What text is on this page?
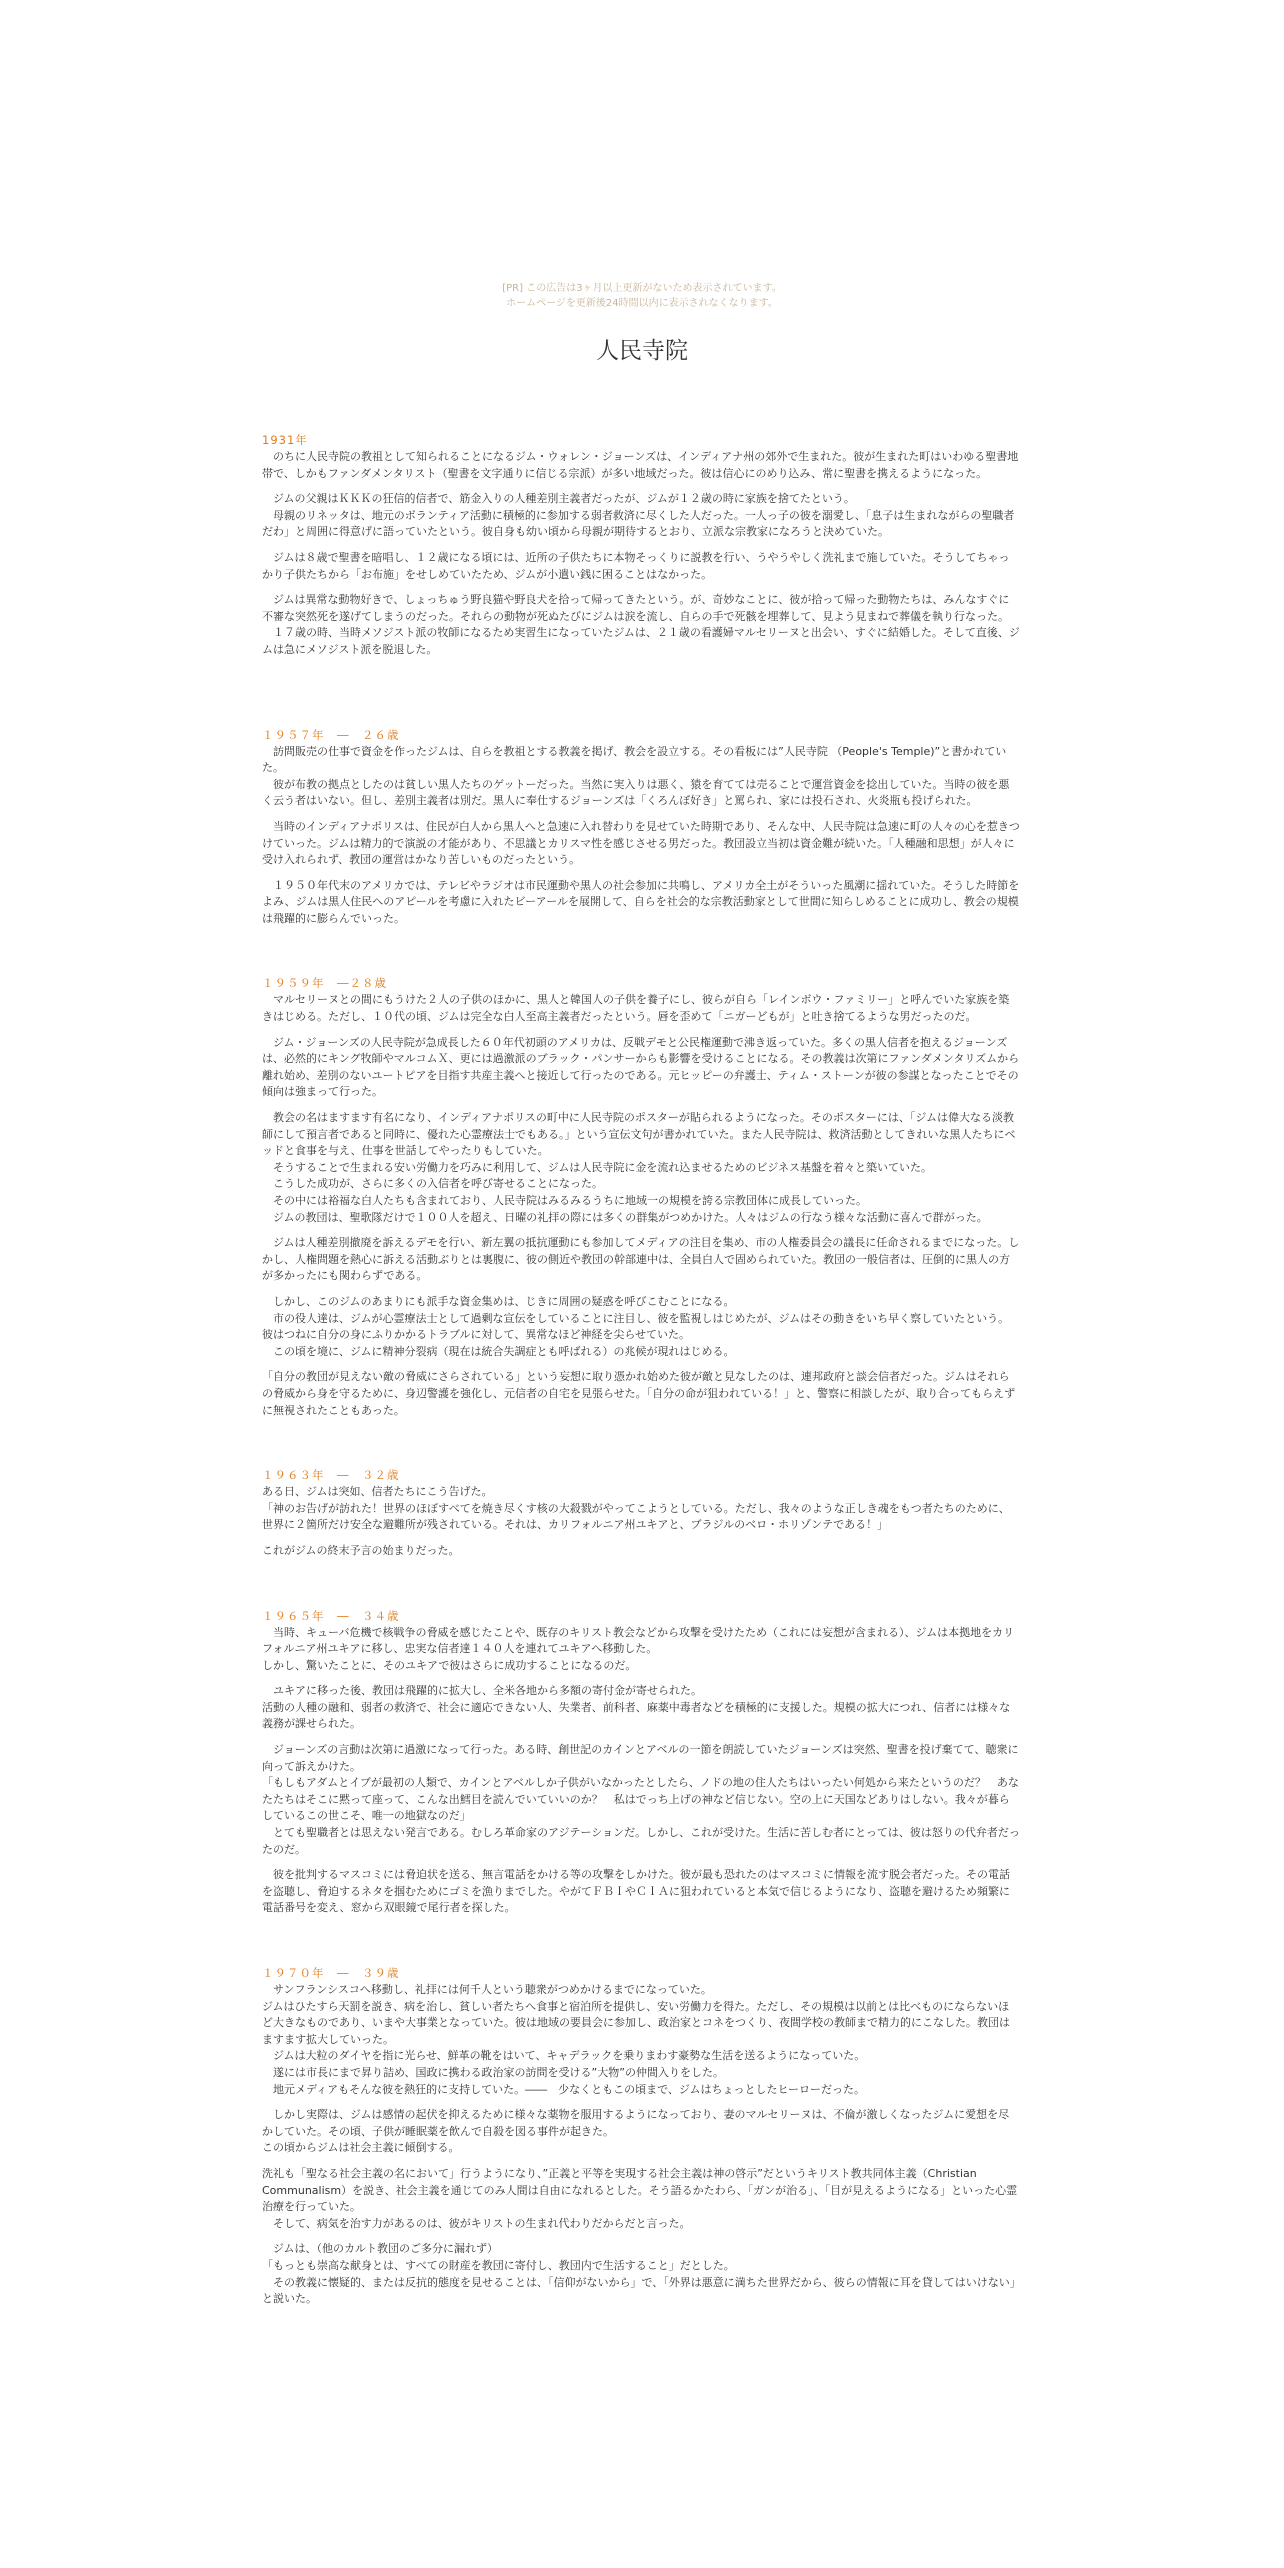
[PR] この広告は3ヶ月以上更新がないため表示されています。
ホームページを更新後24時間以内に表示されなくなります。
人民寺院
1931年

　のちに人民寺院の教祖として知られることになるジム・ウォレン・ジョーンズは、インディアナ州の郊外で生まれた。彼が生まれた町はいわゆる聖書地帯で、しかもファンダメンタリスト（聖書を文字通りに信じる宗派）が多い地域だった。彼は信心にのめり込み、常に聖書を携えるようになった。

　ジムの父親はＫＫＫの狂信的信者で、筋金入りの人種差別主義者だったが、ジムが１２歳の時に家族を捨てたという。
　母親のリネッタは、地元のボランティア活動に積極的に参加する弱者救済に尽くした人だった。一人っ子の彼を溺愛し、「息子は生まれながらの聖職者だわ」と周囲に得意げに語っていたという。彼自身も幼い頃から母親が期待するとおり、立派な宗教家になろうと決めていた。

　ジムは８歳で聖書を暗唱し、１２歳になる頃には、近所の子供たちに本物そっくりに説教を行い、うやうやしく洗礼まで施していた。そうしてちゃっかり子供たちから「お布施」をせしめていたため、ジムが小遣い銭に困ることはなかった。

　ジムは異常な動物好きで、しょっちゅう野良猫や野良犬を拾って帰ってきたという。が、奇妙なことに、彼が拾って帰った動物たちは、みんなすぐに不審な突然死を遂げてしまうのだった。それらの動物が死ぬたびにジムは涙を流し、自らの手で死骸を埋葬して、見よう見まねで葬儀を執り行なった。
　１７歳の時、当時メソジスト派の牧師になるため実習生になっていたジムは、２１歳の看護婦マルセリーヌと出会い、すぐに結婚した。そして直後、ジムは急にメソジスト派を脱退した。

１９５７年　―　２６歳

　訪問販売の仕事で資金を作ったジムは、自らを教祖とする教義を掲げ、教会を設立する。その看板には”人民寺院 （People's Temple)”と書かれていた。
　彼が布教の拠点としたのは貧しい黒人たちのゲットーだった。当然に実入りは悪く、猿を育てては売ることで運営資金を捻出していた。当時の彼を悪く云う者はいない。但し、差別主義者は別だ。黒人に奉仕するジョーンズは「くろんぼ好き」と罵られ、家には投石され、火炎瓶も投げられた。

　当時のインディアナポリスは、住民が白人から黒人へと急速に入れ替わりを見せていた時期であり、そんな中、人民寺院は急速に町の人々の心を惹きつけていった。ジムは精力的で演説の才能があり、不思議とカリスマ性を感じさせる男だった。教団設立当初は資金難が続いた。「人種融和思想」が人々に受け入れられず、教団の運営はかなり苦しいものだったという。

　１９５０年代末のアメリカでは、テレビやラジオは市民運動や黒人の社会参加に共鳴し、アメリカ全土がそういった風潮に揺れていた。そうした時節をよみ、ジムは黒人住民へのアピールを考慮に入れたビーアールを展開して、自らを社会的な宗教活動家として世間に知らしめることに成功し、教会の規模は飛躍的に膨らんでいった。

１９５９年　―２８歳

　マルセリーヌとの間にもうけた２人の子供のほかに、黒人と韓国人の子供を養子にし、彼らが自ら「レインボウ・ファミリー」と呼んでいた家族を築きはじめる。ただし、１０代の頃、ジムは完全な白人至高主義者だったという。唇を歪めて「ニガーどもが」と吐き捨てるような男だったのだ。

　ジム・ジョーンズの人民寺院が急成長した６０年代初頭のアメリカは、反戦デモと公民権運動で沸き返っていた。多くの黒人信者を抱えるジョーンズは、必然的にキング牧師やマルコムＸ、更には過激派のブラック・パンサーからも影響を受けることになる。その教義は次第にファンダメンタリズムから離れ始め、差別のないユートピアを目指す共産主義へと接近して行ったのである。元ヒッピーの弁護士、ティム・ストーンが彼の参謀となったことでその傾向は強まって行った。

　教会の名はますます有名になり、インディアナポリスの町中に人民寺院のポスターが貼られるようになった。そのポスターには、「ジムは偉大なる淡教師にして預言者であると同時に、優れた心霊療法士でもある。」という宣伝文句が書かれていた。また人民寺院は、救済活動としてきれいな黒人たちにベッドと食事を与え、仕事を世話してやったりもしていた。
　そうすることで生まれる安い労働力を巧みに利用して、ジムは人民寺院に金を流れ込ませるためのビジネス基盤を着々と築いていた。
　こうした成功が、さらに多くの入信者を呼び寄せることになった。
　その中には裕福な白人たちも含まれており、人民寺院はみるみるうちに地域一の規模を誇る宗教団体に成長していった。
　ジムの教団は、聖歌隊だけで１００人を超え、日曜の礼拝の際には多くの群集がつめかけた。人々はジムの行なう様々な活動に喜んで群がった。

　ジムは人種差別撤廃を訴えるデモを行い、新左翼の抵抗運動にも参加してメディアの注目を集め、市の人権委員会の議長に任命されるまでになった。しかし、人権問題を熱心に訴える活動ぶりとは裏腹に、彼の側近や教団の幹部連中は、全員白人で固められていた。教団の一般信者は、圧倒的に黒人の方が多かったにも関わらずである。

　しかし、このジムのあまりにも派手な資金集めは、じきに周囲の疑惑を呼びこむことになる。
　市の役人達は、ジムが心霊療法士として過剰な宣伝をしていることに注目し、彼を監視しはじめたが、ジムはその動きをいち早く察していたという。彼はつねに自分の身にふりかかるトラブルに対して、異常なほど神経を尖らせていた。
　この頃を境に、ジムに精神分裂病（現在は統合失調症とも呼ばれる）の兆候が現れはじめる。

「自分の教団が見えない敵の脅威にさらされている」という妄想に取り憑かれ始めた彼が敵と見なしたのは、連邦政府と談会信者だった。ジムはそれらの脅威から身を守るために、身辺警護を強化し、元信者の自宅を見張らせた。「自分の命が狙われている！」と、警察に相談したが、取り合ってもらえずに無視されたこともあった。

１９６３年　―　３２歳

ある日、ジムは突如、信者たちにこう告げた。
「神のお告げが訪れた！世界のほぼすべてを焼き尽くす核の大殺戮がやってこようとしている。ただし、我々のような正しき魂をもつ者たちのために、世界に２箇所だけ安全な避難所が残されている。それは、カリフォルニア州ユキアと、ブラジルのベロ・ホリゾンテである！」

これがジムの終末予言の始まりだった。

１９６５年　―　３４歳

　当時、キューバ危機で核戦争の脅威を感じたことや、既存のキリスト教会などから攻撃を受けたため（これには妄想が含まれる）、ジムは本拠地をカリフォルニア州ユキアに移し、忠実な信者達１４０人を連れてユキアへ移動した。
しかし、驚いたことに、そのユキアで彼はさらに成功することになるのだ。

　ユキアに移った後、教団は飛躍的に拡大し、全米各地から多額の寄付金が寄せられた。
活動の人種の融和、弱者の救済で、社会に適応できない人、失業者、前科者、麻薬中毒者などを積極的に支援した。規模の拡大につれ、信者には様々な義務が課せられた。

　ジョーンズの言動は次第に過激になって行った。ある時、創世記のカインとアベルの一節を朗読していたジョーンズは突然、聖書を投げ棄てて、聴衆に向って訴えかけた。
「もしもアダムとイブが最初の人類で、カインとアベルしか子供がいなかったとしたら、ノドの地の住人たちはいったい何処から来たというのだ？　あなたたちはそこに黙って座って、こんな出鱈目を読んでいていいのか？　私はでっち上げの神など信じない。空の上に天国などありはしない。我々が暮らしているこの世こそ、唯一の地獄なのだ」
　とても聖職者とは思えない発言である。むしろ革命家のアジテーションだ。しかし、これが受けた。生活に苦しむ者にとっては、彼は怒りの代弁者だったのだ。

　彼を批判するマスコミには脅迫状を送る、無言電話をかける等の攻撃をしかけた。彼が最も恐れたのはマスコミに情報を流す脱会者だった。その電話を盗聴し、脅迫するネタを掴むためにゴミを漁りまでした。やがてＦＢＩやＣＩＡに狙われていると本気で信じるようになり、盗聴を避けるため頻繁に電話番号を変え、窓から双眼鏡で尾行者を探した。

１９７０年　―　３９歳

　サンフランシスコへ移動し、礼拝には何千人という聴衆がつめかけるまでになっていた。
ジムはひたすら天罰を説き、病を治し、貧しい者たちへ食事と宿泊所を提供し、安い労働力を得た。ただし、その規模は以前とは比べものにならないほど大きなものであり、いまや大事業となっていた。彼は地域の要員会に参加し、政治家とコネをつくり、夜間学校の教師まで精力的にこなした。教団はますます拡大していった。
　ジムは大粒のダイヤを指に光らせ、鮮革の靴をはいて、キャデラックを乗りまわす豪勢な生活を送るようになっていた。
　遂には市長にまで昇り詰め、国政に携わる政治家の訪問を受ける”大物”の仲間入りをした。
　地元メディアもそんな彼を熱狂的に支持していた。――　少なくともこの頃まで、ジムはちょっとしたヒーローだった。

　しかし実際は、ジムは感情の起伏を抑えるために様々な薬物を服用するようになっており、妻のマルセリーヌは、不倫が激しくなったジムに愛想を尽かしていた。その頃、子供が睡眠薬を飲んで自殺を図る事件が起きた。
この頃からジムは社会主義に傾倒する。

洗礼も「聖なる社会主義の名において」行うようになり、”正義と平等を実現する社会主義は神の啓示”だというキリスト教共同体主義（Christian Communalism）を説き、社会主義を通じてのみ人間は自由になれるとした。そう語るかたわら、「ガンが治る」、「目が見えるようになる」といった心霊治療を行っていた。
　そして、病気を治す力があるのは、彼がキリストの生まれ代わりだからだと言った。

　ジムは、（他のカルト教団のご多分に漏れず）
「もっとも崇高な献身とは、すべての財産を教団に寄付し、教団内で生活すること」だとした。
　その教義に懐疑的、または反抗的態度を見せることは、「信仰がないから」で、「外界は悪意に満ちた世界だから、彼らの情報に耳を貸してはいけない」と説いた。
